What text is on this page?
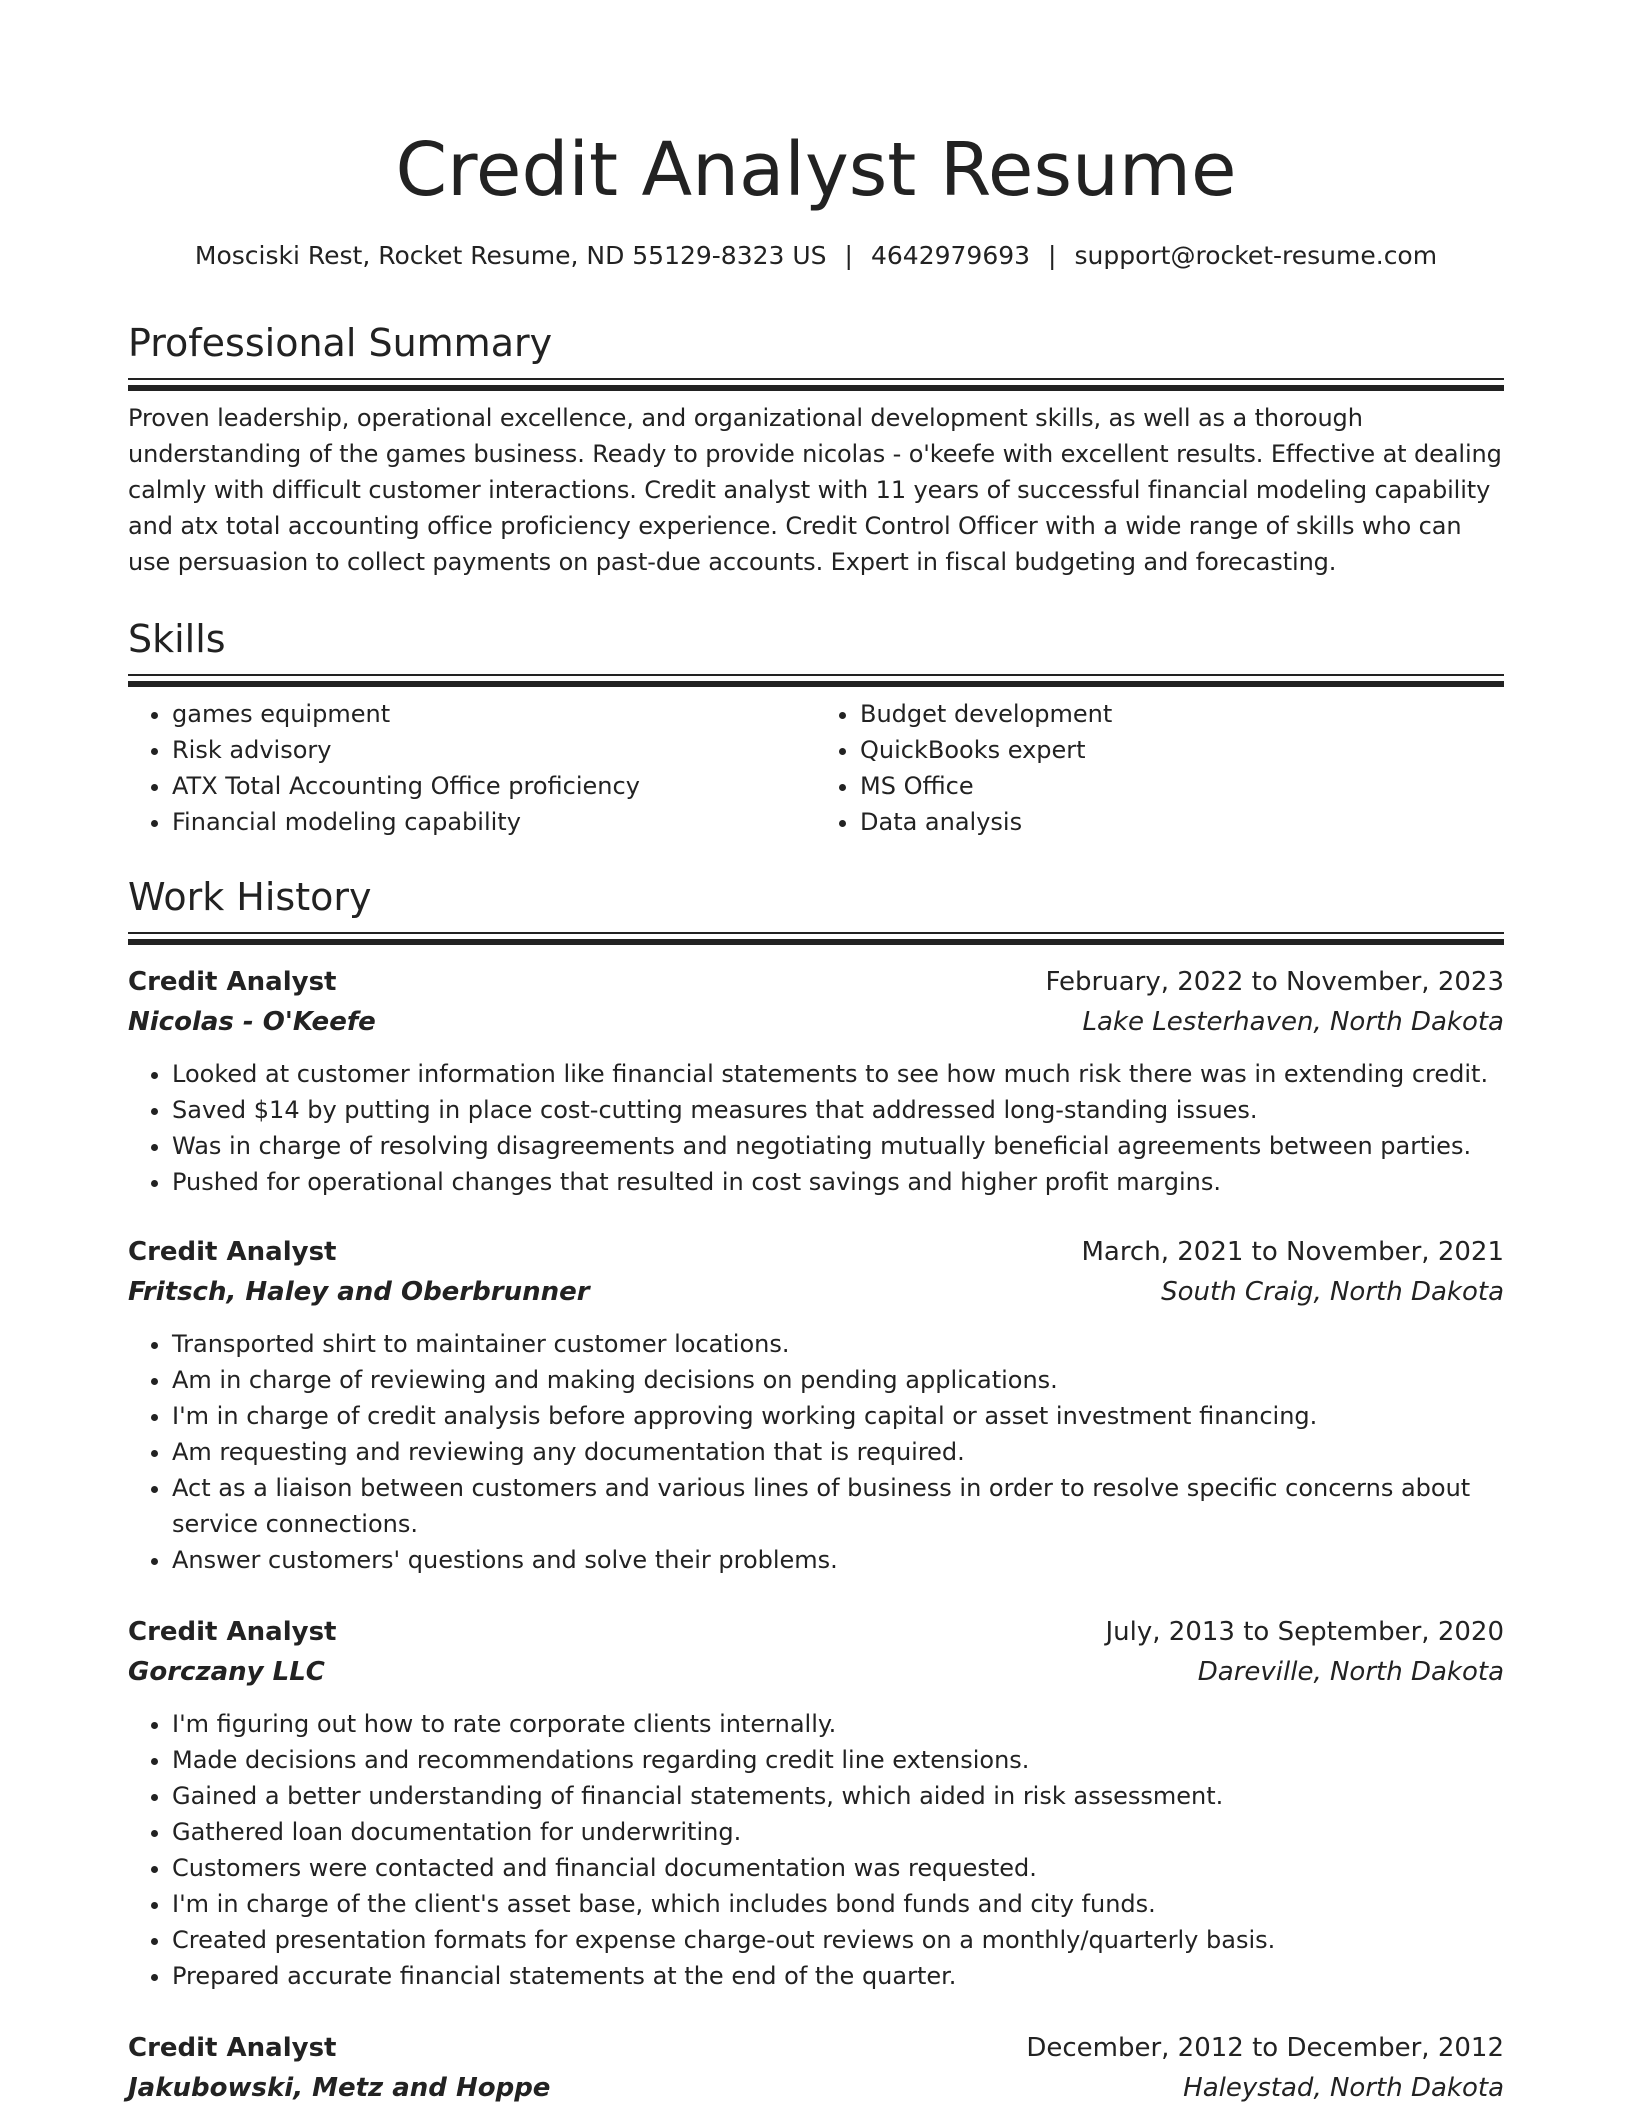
Credit Analyst Resume
Mosciski Rest, Rocket Resume, ND 55129-8323 US | 4642979693 | support@rocket-resume.com
Professional Summary

Proven leadership, operational excellence, and organizational development skills, as well as a thorough understanding of the games business. Ready to provide nicolas - o'keefe with excellent results. Effective at dealing calmly with difficult customer interactions. Credit analyst with 11 years of successful financial modeling capability and atx total accounting office proficiency experience. Credit Control Officer with a wide range of skills who can use persuasion to collect payments on past-due accounts. Expert in fiscal budgeting and forecasting.

Skills
• games equipment
• Risk advisory
• ATX Total Accounting Office proficiency
• Financial modeling capability
• Budget development
• QuickBooks expert
• MS Office
• Data analysis
Work History
Credit Analyst	February, 2022 to November, 2023
Nicolas - O'Keefe	Lake Lesterhaven, North Dakota
• Looked at customer information like financial statements to see how much risk there was in extending credit.
• Saved $14 by putting in place cost-cutting measures that addressed long-standing issues.
• Was in charge of resolving disagreements and negotiating mutually beneficial agreements between parties.
• Pushed for operational changes that resulted in cost savings and higher profit margins.
Credit Analyst	March, 2021 to November, 2021
Fritsch, Haley and Oberbrunner	South Craig, North Dakota
• Transported shirt to maintainer customer locations.
• Am in charge of reviewing and making decisions on pending applications.
• I'm in charge of credit analysis before approving working capital or asset investment financing.
• Am requesting and reviewing any documentation that is required.
• Act as a liaison between customers and various lines of business in order to resolve specific concerns about service connections.
• Answer customers' questions and solve their problems.
Credit Analyst	July, 2013 to September, 2020
Gorczany LLC	Dareville, North Dakota
• I'm figuring out how to rate corporate clients internally.
• Made decisions and recommendations regarding credit line extensions.
• Gained a better understanding of financial statements, which aided in risk assessment.
• Gathered loan documentation for underwriting.
• Customers were contacted and financial documentation was requested.
• I'm in charge of the client's asset base, which includes bond funds and city funds.
• Created presentation formats for expense charge-out reviews on a monthly/quarterly basis.
• Prepared accurate financial statements at the end of the quarter.
Credit Analyst	December, 2012 to December, 2012
Jakubowski, Metz and Hoppe	Haleystad, North Dakota
